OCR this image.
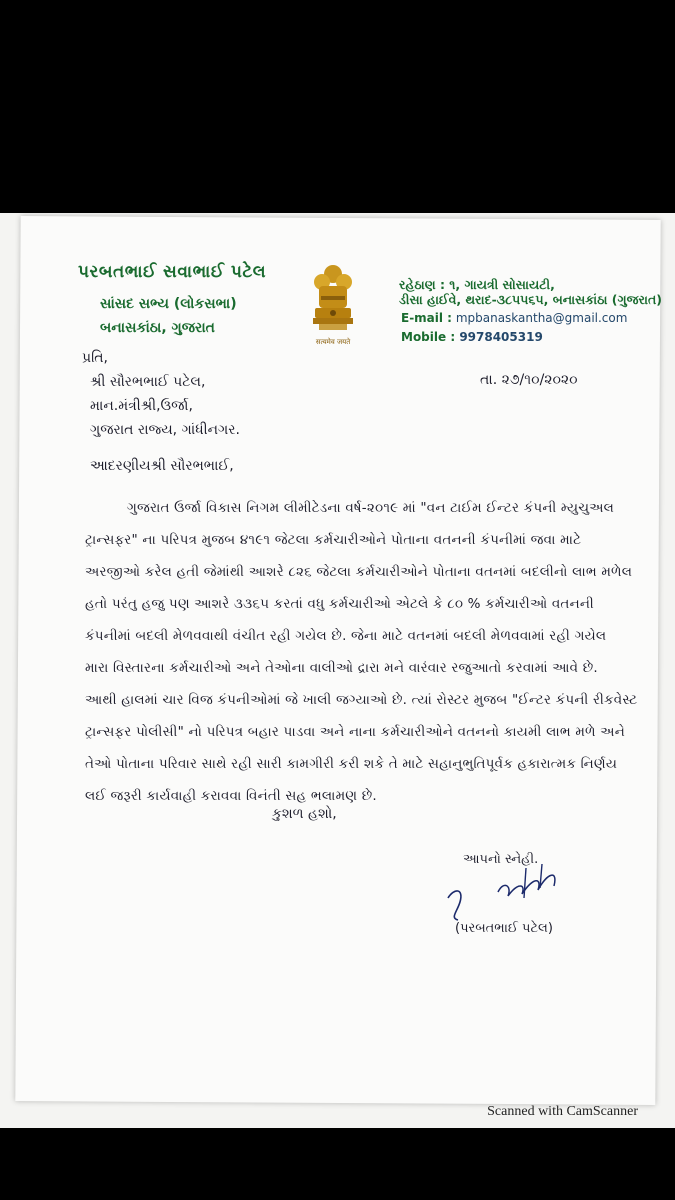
પરબતભાઈ સવાભાઈ પટેલ
સાંસદ સભ્ય (લોકસભા)
બનાસકાંઠા, ગુજરાત
सत्यमेव जयते
રહેઠાણ : ૧, ગાયત્રી સોસાયટી,
ડીસા હાઈવે, થરાદ-૩૮૫૫૬૫, બનાસકાંઠા (ગુજરાત)
E-mail : mpbanaskantha@gmail.com
Mobile : 9978405319
પ્રતિ,
તા. ૨૭/૧૦/૨૦૨૦
શ્રી સૌરભભાઈ પટેલ,
માન.મંત્રીશ્રી,ઉર્જા,
ગુજરાત રાજ્ય, ગાંધીનગર.
આદરણીયશ્રી સૌરભભાઈ,
ગુજરાત ઉર્જા વિકાસ નિગમ લીમીટેડના વર્ષ-૨૦૧૯ માં "વન ટાઈમ ઈન્ટર કંપની મ્યુચુઅલ
ટ્રાન્સફર" ના પરિપત્ર મુજબ ૪૧૯૧ જેટલા કર્મચારીઓને પોતાના વતનની કંપનીમાં જવા માટે
અરજીઓ કરેલ હતી જેમાંથી આશરે ૮૨૬ જેટલા કર્મચારીઓને પોતાના વતનમાં બદલીનો લાભ મળેલ
હતો પરંતુ હજુ પણ આશરે ૩૩૬૫ કરતાં વધુ કર્મચારીઓ એટલે કે ૮૦ % કર્મચારીઓ વતનની
કંપનીમાં બદલી મેળવવાથી વંચીત રહી ગયેલ છે. જેના માટે વતનમાં બદલી મેળવવામાં રહી ગયેલ
મારા વિસ્તારના કર્મચારીઓ અને તેઓના વાલીઓ દ્રારા મને વારંવાર રજુઆતો કરવામાં આવે છે.
આથી હાલમાં ચાર વિજ કંપનીઓમાં જે ખાલી જગ્યાઓ છે. ત્યાં રોસ્ટર મુજબ "ઈન્ટર કંપની રીકવેસ્ટ
ટ્રાન્સફર પોલીસી" નો પરિપત્ર બહાર પાડવા અને નાના કર્મચારીઓને વતનનો કાયમી લાભ મળે અને
તેઓ પોતાના પરિવાર સાથે રહી સારી કામગીરી કરી શકે તે માટે સહાનુભુતિપૂર્વક હકારાત્મક નિર્ણય
લઈ જરૂરી કાર્યવાહી કરાવવા વિનંતી સહ ભલામણ છે.
કુશળ હશો,
આપનો સ્નેહી.
(પરબતભાઈ પટેલ)
Scanned with CamScanner
